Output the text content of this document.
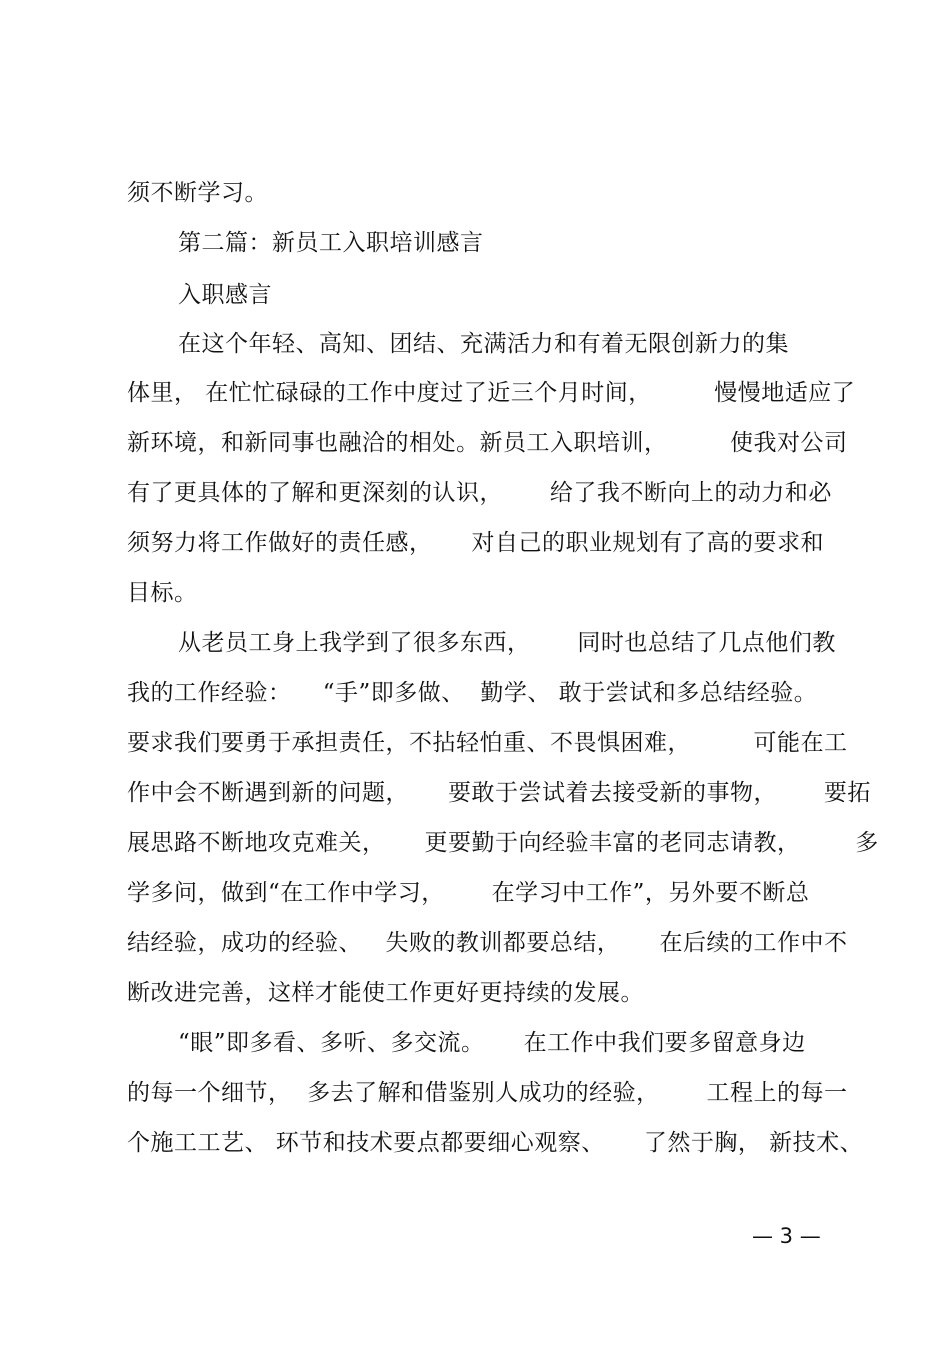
须不断学习。
第二篇：新员工入职培训感言
入职感言
在这个年轻、高知、团结、充满活力和有着无限创新力的集
体里， 在忙忙碌碌的工作中度过了近三个月时间，        慢慢地适应了
新环境，和新同事也融洽的相处。新员工入职培训，        使我对公司
有了更具体的了解和更深刻的认识，      给了我不断向上的动力和必
须努力将工作做好的责任感，     对自己的职业规划有了高的要求和
目标。
从老员工身上我学到了很多东西，      同时也总结了几点他们教
我的工作经验：    “手”即多做、  勤学、 敢于尝试和多总结经验。
要求我们要勇于承担责任，不拈轻怕重、不畏惧困难，        可能在工
作中会不断遇到新的问题，     要敢于尝试着去接受新的事物，      要拓
展思路不断地攻克难关，     更要勤于向经验丰富的老同志请教，       多
学多问，做到“在工作中学习，      在学习中工作”，另外要不断总
结经验，成功的经验、   失败的教训都要总结，     在后续的工作中不
断改进完善，这样才能使工作更好更持续的发展。
“眼”即多看、多听、多交流。     在工作中我们要多留意身边
的每一个细节，  多去了解和借鉴别人成功的经验，      工程上的每一
个施工工艺、 环节和技术要点都要细心观察、     了然于胸， 新技术、
— 3 —
